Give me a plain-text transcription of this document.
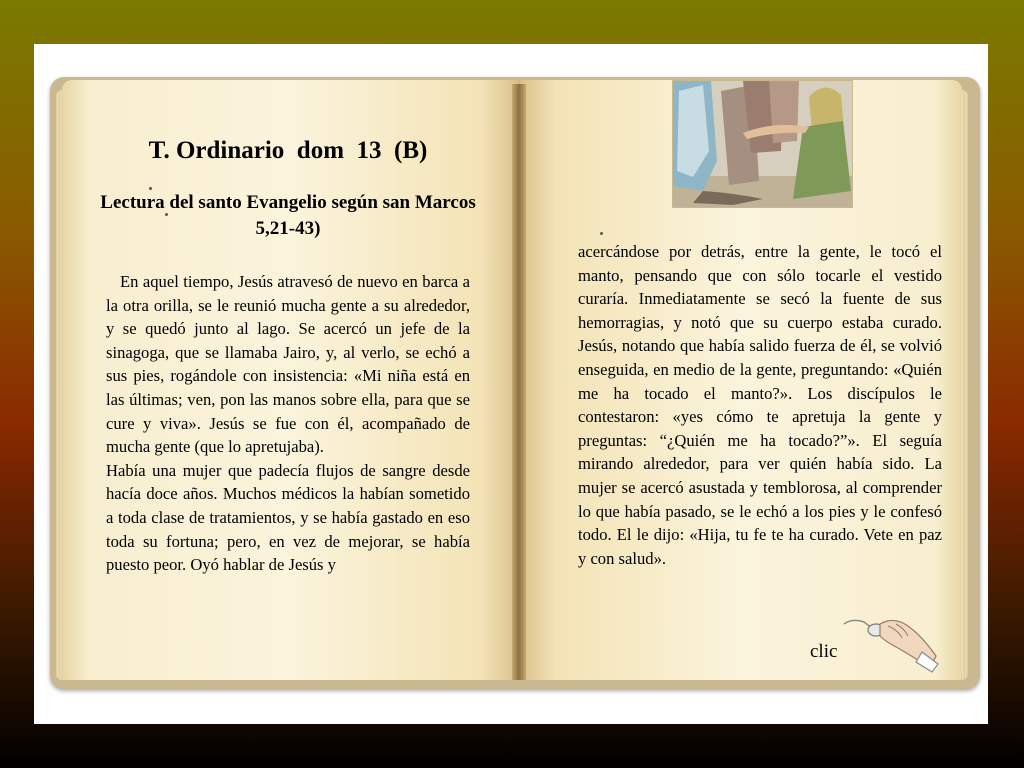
T. Ordinario  dom  13  (B)
Lectura del santo Evangelio según san Marcos 5,21-43)

En aquel tiempo, Jesús atravesó de nuevo en barca a la otra orilla, se le reunió mucha gente a su alrededor, y se quedó junto al lago. Se acercó un jefe de la sinagoga, que se llamaba Jairo, y, al verlo, se echó a sus pies, rogándole con insistencia: «Mi niña está en las últimas; ven, pon las manos sobre ella, para que se cure y viva». Jesús se fue con él, acompañado de mucha gente (que lo apretujaba).

Había una mujer que padecía flujos de sangre desde hacía doce años. Muchos médicos la habían sometido a toda clase de tratamientos, y se había gastado en eso toda su fortuna; pero, en vez de mejorar, se había puesto peor. Oyó hablar de Jesús y

acercándose por detrás, entre la gente, le tocó el manto, pensando que con sólo tocarle el vestido curaría. Inmediatamente se secó la fuente de sus hemorragias, y notó que su cuerpo estaba curado. Jesús, notando que había salido fuerza de él, se volvió enseguida, en medio de la gente, preguntando: «Quién me ha tocado el manto?». Los discípulos le contestaron: «yes cómo te apretuja la gente y preguntas: “¿Quién me ha tocado?”». El seguía mirando alrededor, para ver quién había sido. La mujer se acercó asustada y temblorosa, al comprender lo que había pasado, se le echó a los pies y le confesó todo. El le dijo: «Hija, tu fe te ha curado. Vete en paz y con salud».

clic
